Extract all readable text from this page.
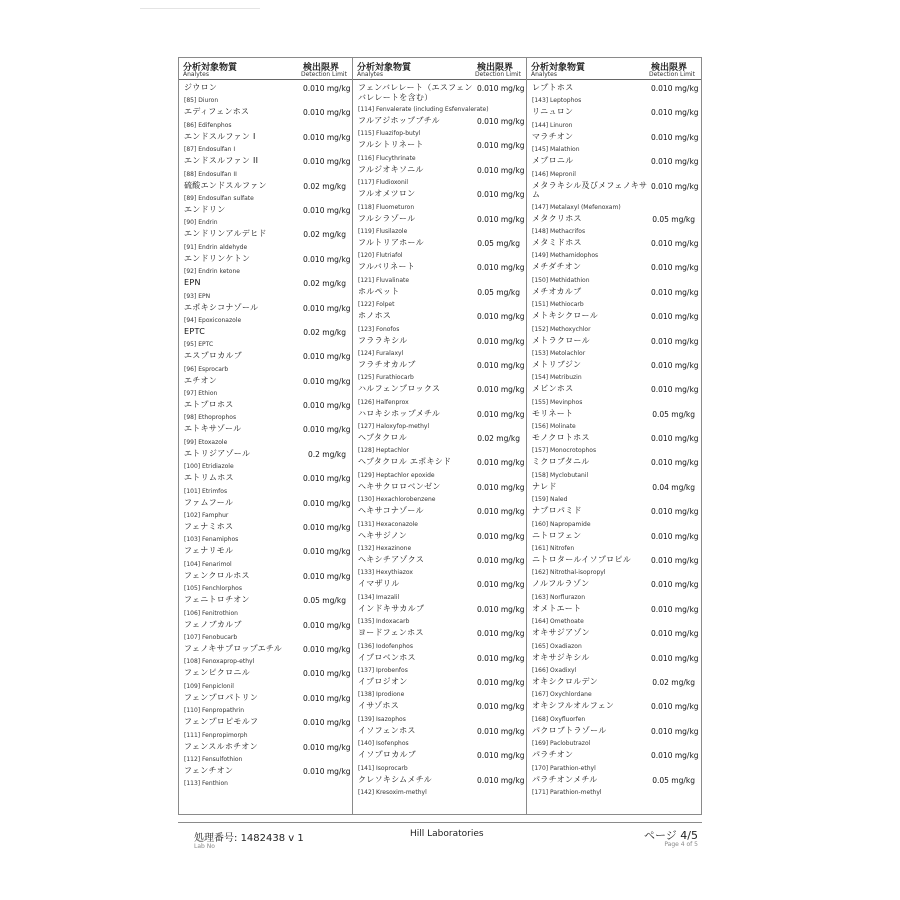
分析対象物質
Analytes
検出限界
Detection Limit
ジウロン	0.010 mg/kg
[85] Diuron
エディフェンホス	0.010 mg/kg
[86] Edifenphos
エンドスルファン I	0.010 mg/kg
[87] Endosulfan I
エンドスルファン II	0.010 mg/kg
[88] Endosulfan II
硫酸エンドスルファン	0.02 mg/kg
[89] Endosulfan sulfate
エンドリン	0.010 mg/kg
[90] Endrin
エンドリンアルデヒド	0.02 mg/kg
[91] Endrin aldehyde
エンドリンケトン	0.010 mg/kg
[92] Endrin ketone
EPN	0.02 mg/kg
[93] EPN
エポキシコナゾール	0.010 mg/kg
[94] Epoxiconazole
EPTC	0.02 mg/kg
[95] EPTC
エスプロカルブ	0.010 mg/kg
[96] Esprocarb
エチオン	0.010 mg/kg
[97] Ethion
エトプロホス	0.010 mg/kg
[98] Ethoprophos
エトキサゾール	0.010 mg/kg
[99] Etoxazole
エトリジアゾール	0.2 mg/kg
[100] Etridiazole
エトリムホス	0.010 mg/kg
[101] Etrimfos
ファムフール	0.010 mg/kg
[102] Famphur
フェナミホス	0.010 mg/kg
[103] Fenamiphos
フェナリモル	0.010 mg/kg
[104] Fenarimol
フェンクロルホス	0.010 mg/kg
[105] Fenchlorphos
フェニトロチオン	0.05 mg/kg
[106] Fenitrothion
フェノブカルブ	0.010 mg/kg
[107] Fenobucarb
フェノキサプロップエチル	0.010 mg/kg
[108] Fenoxaprop-ethyl
フェンピクロニル	0.010 mg/kg
[109] Fenpiclonil
フェンプロパトリン	0.010 mg/kg
[110] Fenpropathrin
フェンプロピモルフ	0.010 mg/kg
[111] Fenpropimorph
フェンスルホチオン	0.010 mg/kg
[112] Fensulfothion
フェンチオン	0.010 mg/kg
[113] Fenthion
分析対象物質
Analytes
検出限界
Detection Limit
フェンバレレート（エスフェンバレレートを含む）
0.010 mg/kg
[114] Fenvalerate (including Esfenvalerate)
フルアジホップブチル	0.010 mg/kg
[115] Fluazifop-butyl
フルシトリネート	0.010 mg/kg
[116] Flucythrinate
フルジオキソニル	0.010 mg/kg
[117] Fludioxonil
フルオメツロン	0.010 mg/kg
[118] Fluometuron
フルシラゾール	0.010 mg/kg
[119] Flusilazole
フルトリアホール	0.05 mg/kg
[120] Flutriafol
フルバリネート	0.010 mg/kg
[121] Fluvalinate
ホルペット	0.05 mg/kg
[122] Folpet
ホノホス	0.010 mg/kg
[123] Fonofos
フララキシル	0.010 mg/kg
[124] Furalaxyl
フラチオカルブ	0.010 mg/kg
[125] Furathiocarb
ハルフェンプロックス	0.010 mg/kg
[126] Halfenprox
ハロキシホップメチル	0.010 mg/kg
[127] Haloxyfop-methyl
ヘプタクロル	0.02 mg/kg
[128] Heptachlor
ヘプタクロル エポキシド	0.010 mg/kg
[129] Heptachlor epoxide
ヘキサクロロベンゼン	0.010 mg/kg
[130] Hexachlorobenzene
ヘキサコナゾール	0.010 mg/kg
[131] Hexaconazole
ヘキサジノン	0.010 mg/kg
[132] Hexazinone
ヘキシチアゾクス	0.010 mg/kg
[133] Hexythiazox
イマザリル	0.010 mg/kg
[134] Imazalil
インドキサカルブ	0.010 mg/kg
[135] Indoxacarb
ヨードフェンホス	0.010 mg/kg
[136] Iodofenphos
イプロベンホス	0.010 mg/kg
[137] Iprobenfos
イプロジオン	0.010 mg/kg
[138] Iprodione
イサゾホス	0.010 mg/kg
[139] Isazophos
イソフェンホス	0.010 mg/kg
[140] Isofenphos
イソプロカルブ	0.010 mg/kg
[141] Isoprocarb
クレソキシムメチル	0.010 mg/kg
[142] Kresoxim-methyl
分析対象物質
Analytes
検出限界
Detection Limit
レプトホス	0.010 mg/kg
[143] Leptophos
リニュロン	0.010 mg/kg
[144] Linuron
マラチオン	0.010 mg/kg
[145] Malathion
メプロニル	0.010 mg/kg
[146] Mepronil
メタラキシル及びメフェノキサム
0.010 mg/kg
[147] Metalaxyl (Mefenoxam)
メタクリホス	0.05 mg/kg
[148] Methacrifos
メタミドホス	0.010 mg/kg
[149] Methamidophos
メチダチオン	0.010 mg/kg
[150] Methidathion
メチオカルブ	0.010 mg/kg
[151] Methiocarb
メトキシクロール	0.010 mg/kg
[152] Methoxychlor
メトラクロール	0.010 mg/kg
[153] Metolachlor
メトリブジン	0.010 mg/kg
[154] Metribuzin
メビンホス	0.010 mg/kg
[155] Mevinphos
モリネート	0.05 mg/kg
[156] Molinate
モノクロトホス	0.010 mg/kg
[157] Monocrotophos
ミクロブタニル	0.010 mg/kg
[158] Myclobutanil
ナレド	0.04 mg/kg
[159] Naled
ナプロパミド	0.010 mg/kg
[160] Napropamide
ニトロフェン	0.010 mg/kg
[161] Nitrofen
ニトロタールイソプロピル	0.010 mg/kg
[162] Nitrothal-isopropyl
ノルフルラゾン	0.010 mg/kg
[163] Norflurazon
オメトエート	0.010 mg/kg
[164] Omethoate
オキサジアゾン	0.010 mg/kg
[165] Oxadiazon
オキサジキシル	0.010 mg/kg
[166] Oxadixyl
オキシクロルデン	0.02 mg/kg
[167] Oxychlordane
オキシフルオルフェン	0.010 mg/kg
[168] Oxyfluorfen
パクロブトラゾール	0.010 mg/kg
[169] Paclobutrazol
パラチオン	0.010 mg/kg
[170] Parathion-ethyl
パラチオンメチル	0.05 mg/kg
[171] Parathion-methyl
処理番号: 1482438 v 1
Lab No
Hill Laboratories	ページ 4/5
Page 4 of 5
